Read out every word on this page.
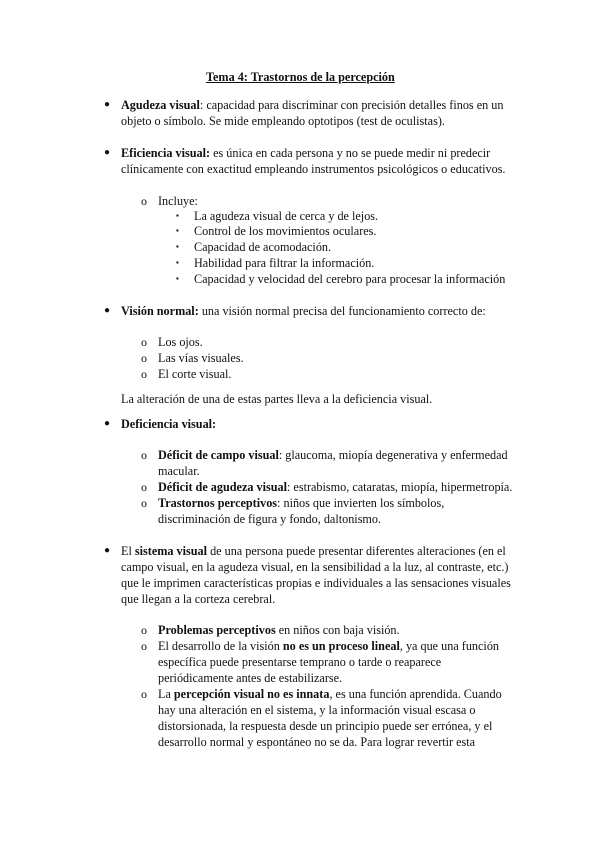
Tema 4: Trastornos de la percepción
● Agudeza visual: capacidad para discriminar con precisión detalles finos en un
objeto o símbolo. Se mide empleando optotipos (test de oculistas).
● Eficiencia visual: es única en cada persona y no se puede medir ni predecir
clínicamente con exactitud empleando instrumentos psicológicos o educativos.
o Incluye:
▪ La agudeza visual de cerca y de lejos.
▪ Control de los movimientos oculares.
▪ Capacidad de acomodación.
▪ Habilidad para filtrar la información.
▪ Capacidad y velocidad del cerebro para procesar la información
● Visión normal: una visión normal precisa del funcionamiento correcto de:
o Los ojos.
o Las vías visuales.
o El corte visual.
La alteración de una de estas partes lleva a la deficiencia visual.
● Deficiencia visual:
o Déficit de campo visual: glaucoma, miopía degenerativa y enfermedad
macular.
o Déficit de agudeza visual: estrabismo, cataratas, miopía, hipermetropía.
o Trastornos perceptivos: niños que invierten los símbolos,
discriminación de figura y fondo, daltonismo.
● El sistema visual de una persona puede presentar diferentes alteraciones (en el
campo visual, en la agudeza visual, en la sensibilidad a la luz, al contraste, etc.)
que le imprimen características propias e individuales a las sensaciones visuales
que llegan a la corteza cerebral.
o Problemas perceptivos en niños con baja visión.
o El desarrollo de la visión no es un proceso lineal, ya que una función
específica puede presentarse temprano o tarde o reaparece
periódicamente antes de estabilizarse.
o La percepción visual no es innata, es una función aprendida. Cuando
hay una alteración en el sistema, y la información visual escasa o
distorsionada, la respuesta desde un principio puede ser errónea, y el
desarrollo normal y espontáneo no se da. Para lograr revertir esta
